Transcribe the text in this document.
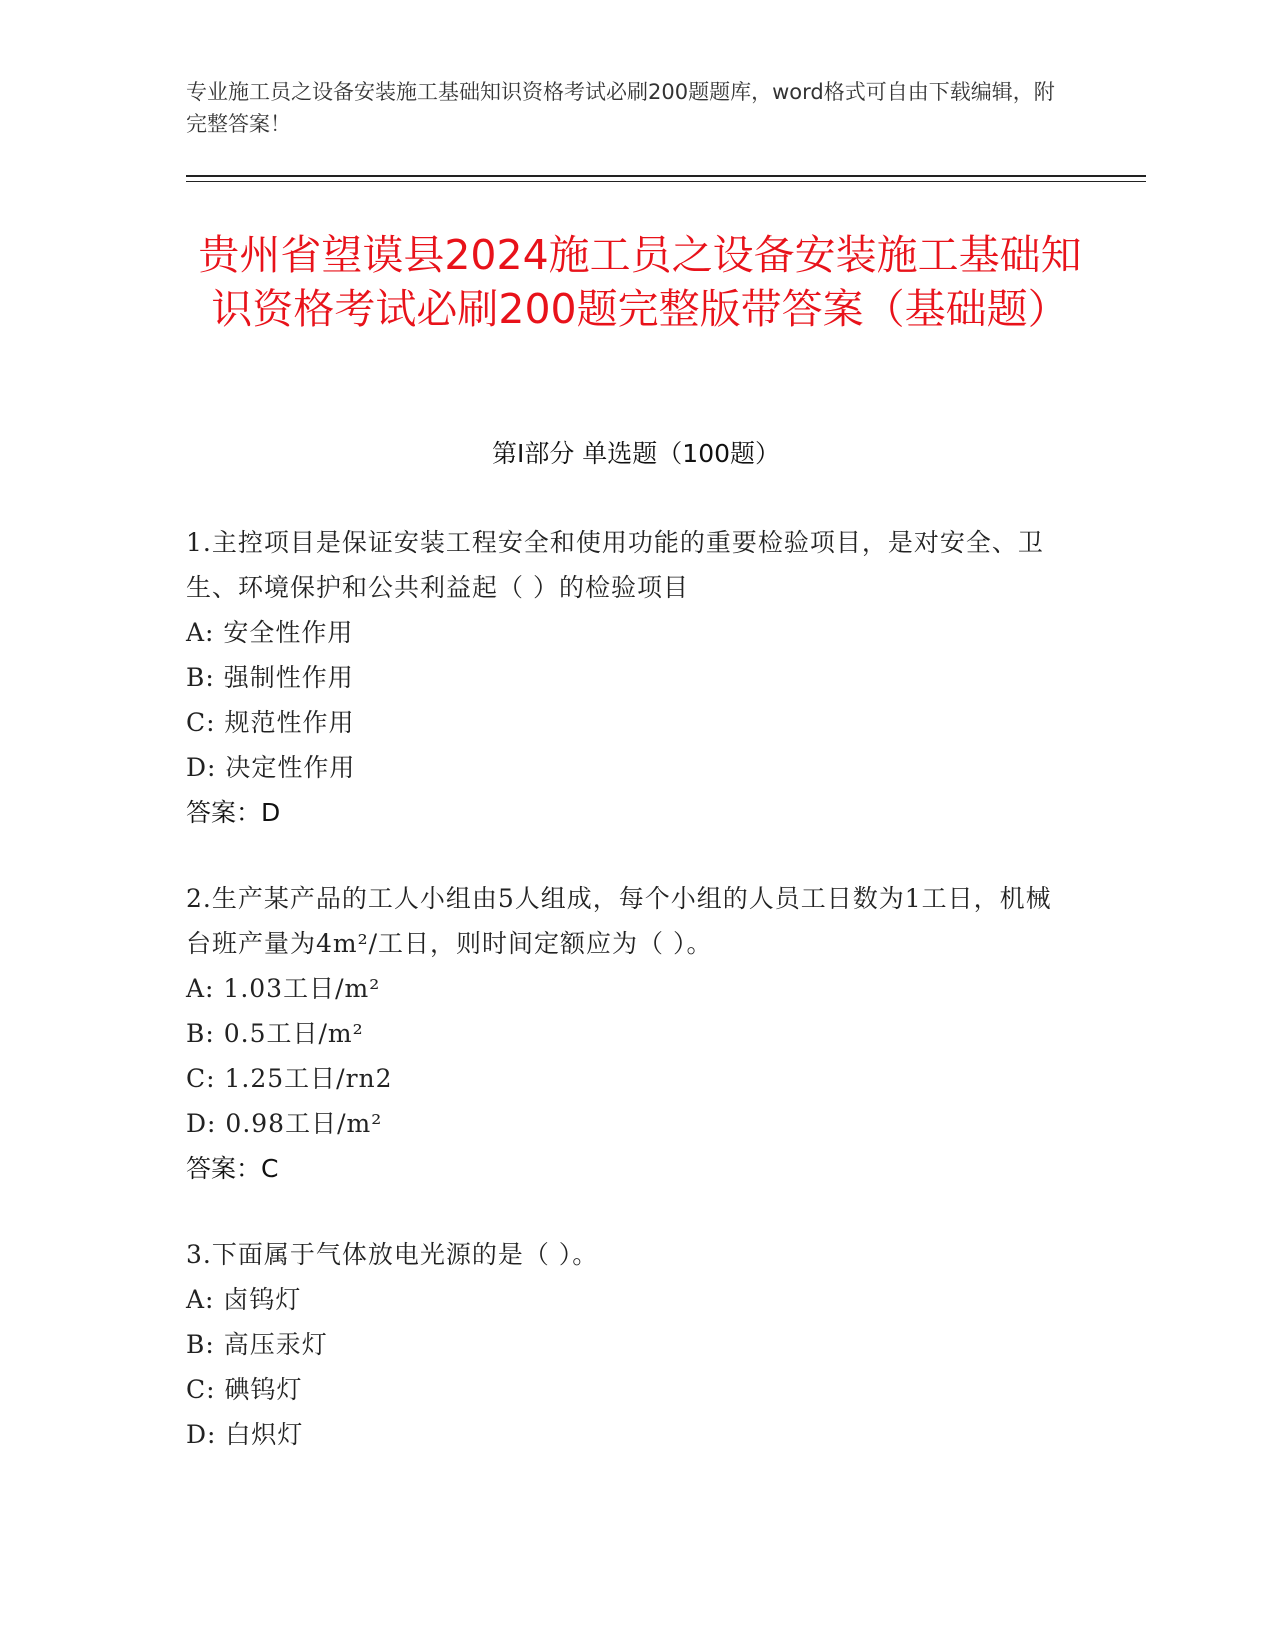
专业施工员之设备安装施工基础知识资格考试必刷200题题库，word格式可自由下载编辑，附完整答案！

贵州省望谟县2024施工员之设备安装施工基础知识资格考试必刷200题完整版带答案（基础题）
第I部分 单选题（100题）

1.主控项目是保证安装工程安全和使用功能的重要检验项目，是对安全、卫生、环境保护和公共利益起（ ）的检验项目

A: 安全性作用

B: 强制性作用

C: 规范性作用

D: 决定性作用

答案：D

2.生产某产品的工人小组由5人组成，每个小组的人员工日数为1工日，机械台班产量为4m²/工日，则时间定额应为（ ）。

A: 1.03工日/m²

B: 0.5工日/m²

C: 1.25工日/rn2

D: 0.98工日/m²

答案：C

3.下面属于气体放电光源的是（ ）。

A: 卤钨灯

B: 高压汞灯

C: 碘钨灯

D: 白炽灯
